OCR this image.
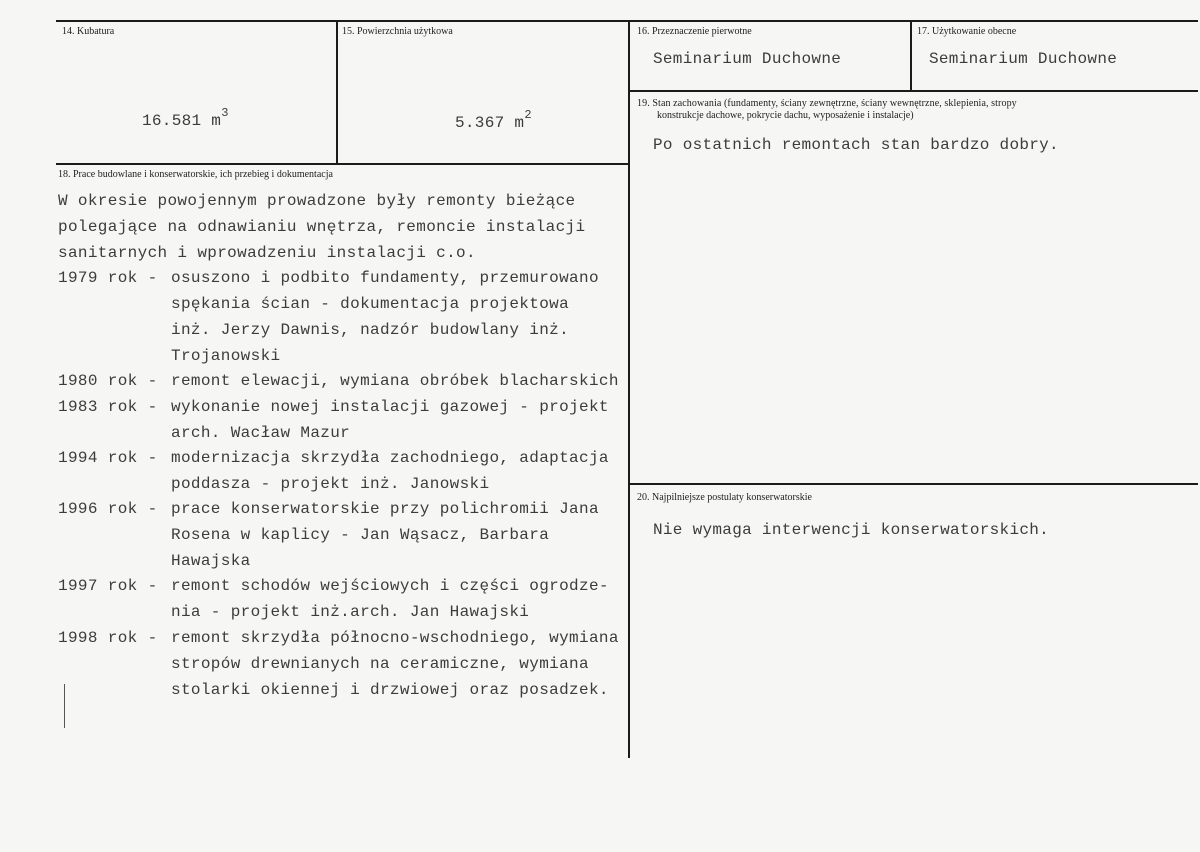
14. Kubatura
16.581 $m^3$
15. Powierzchnia użytkowa
5.367 $m^2$
16. Przeznaczenie pierwotne
Seminarium Duchowne
17. Użytkowanie obecne
Seminarium Duchowne
19. Stan zachowania (fundamenty, ściany zewnętrzne, ściany wewnętrzne, sklepienia, stropy
konstrukcje dachowe, pokrycie dachu, wyposażenie i instalacje)
Po ostatnich remontach stan bardzo dobry.
20. Najpilniejsze postulaty konserwatorskie
Nie wymaga interwencji konserwatorskich.
18. Prace budowlane i konserwatorskie, ich przebieg i dokumentacja
W okresie powojennym prowadzone były remonty bieżące
polegające na odnawianiu wnętrza, remoncie instalacji
sanitarnych i wprowadzeniu instalacji c.o.
1979 rok - osuszono i podbito fundamenty, przemurowano
spękania ścian - dokumentacja projektowa
inż. Jerzy Dawnis, nadzór budowlany inż.
Trojanowski
1980 rok - remont elewacji, wymiana obróbek blacharskich
1983 rok - wykonanie nowej instalacji gazowej - projekt
arch. Wacław Mazur
1994 rok - modernizacja skrzydła zachodniego, adaptacja
poddasza - projekt inż. Janowski
1996 rok - prace konserwatorskie przy polichromii Jana
Rosena w kaplicy - Jan Wąsacz, Barbara
Hawajska
1997 rok - remont schodów wejściowych i części ogrodze-
nia - projekt inż.arch. Jan Hawajski
1998 rok - remont skrzydła północno-wschodniego, wymiana
stropów drewnianych na ceramiczne, wymiana
stolarki okiennej i drzwiowej oraz posadzek.
